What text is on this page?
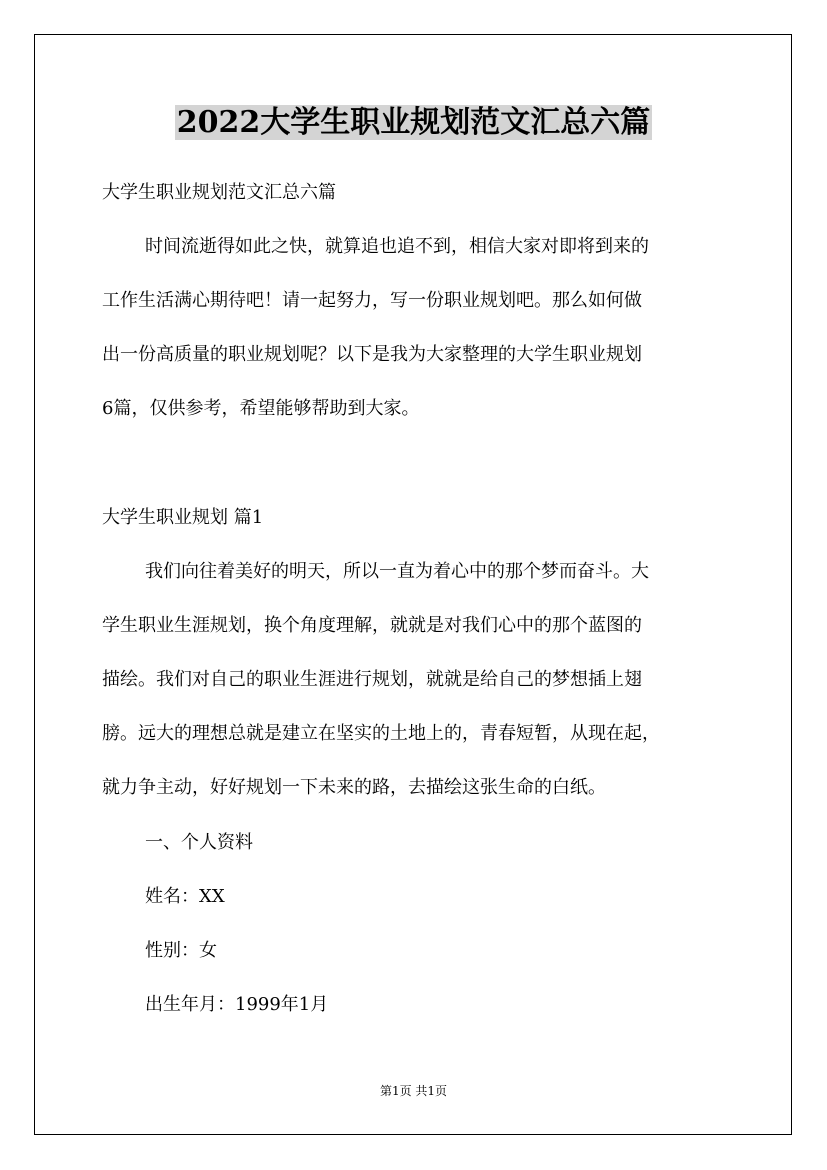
2022大学生职业规划范文汇总六篇
大学生职业规划范文汇总六篇
时间流逝得如此之快，就算追也追不到，相信大家对即将到来的
工作生活满心期待吧！请一起努力，写一份职业规划吧。那么如何做
出一份高质量的职业规划呢？以下是我为大家整理的大学生职业规划
6篇，仅供参考，希望能够帮助到大家。
大学生职业规划 篇1
我们向往着美好的明天，所以一直为着心中的那个梦而奋斗。大
学生职业生涯规划，换个角度理解，就就是对我们心中的那个蓝图的
描绘。我们对自己的职业生涯进行规划，就就是给自己的梦想插上翅
膀。远大的理想总就是建立在坚实的土地上的，青春短暂，从现在起，
就力争主动，好好规划一下未来的路，去描绘这张生命的白纸。
一、个人资料
姓名：XX
性别：女
出生年月：1999年1月
第1页 共1页
